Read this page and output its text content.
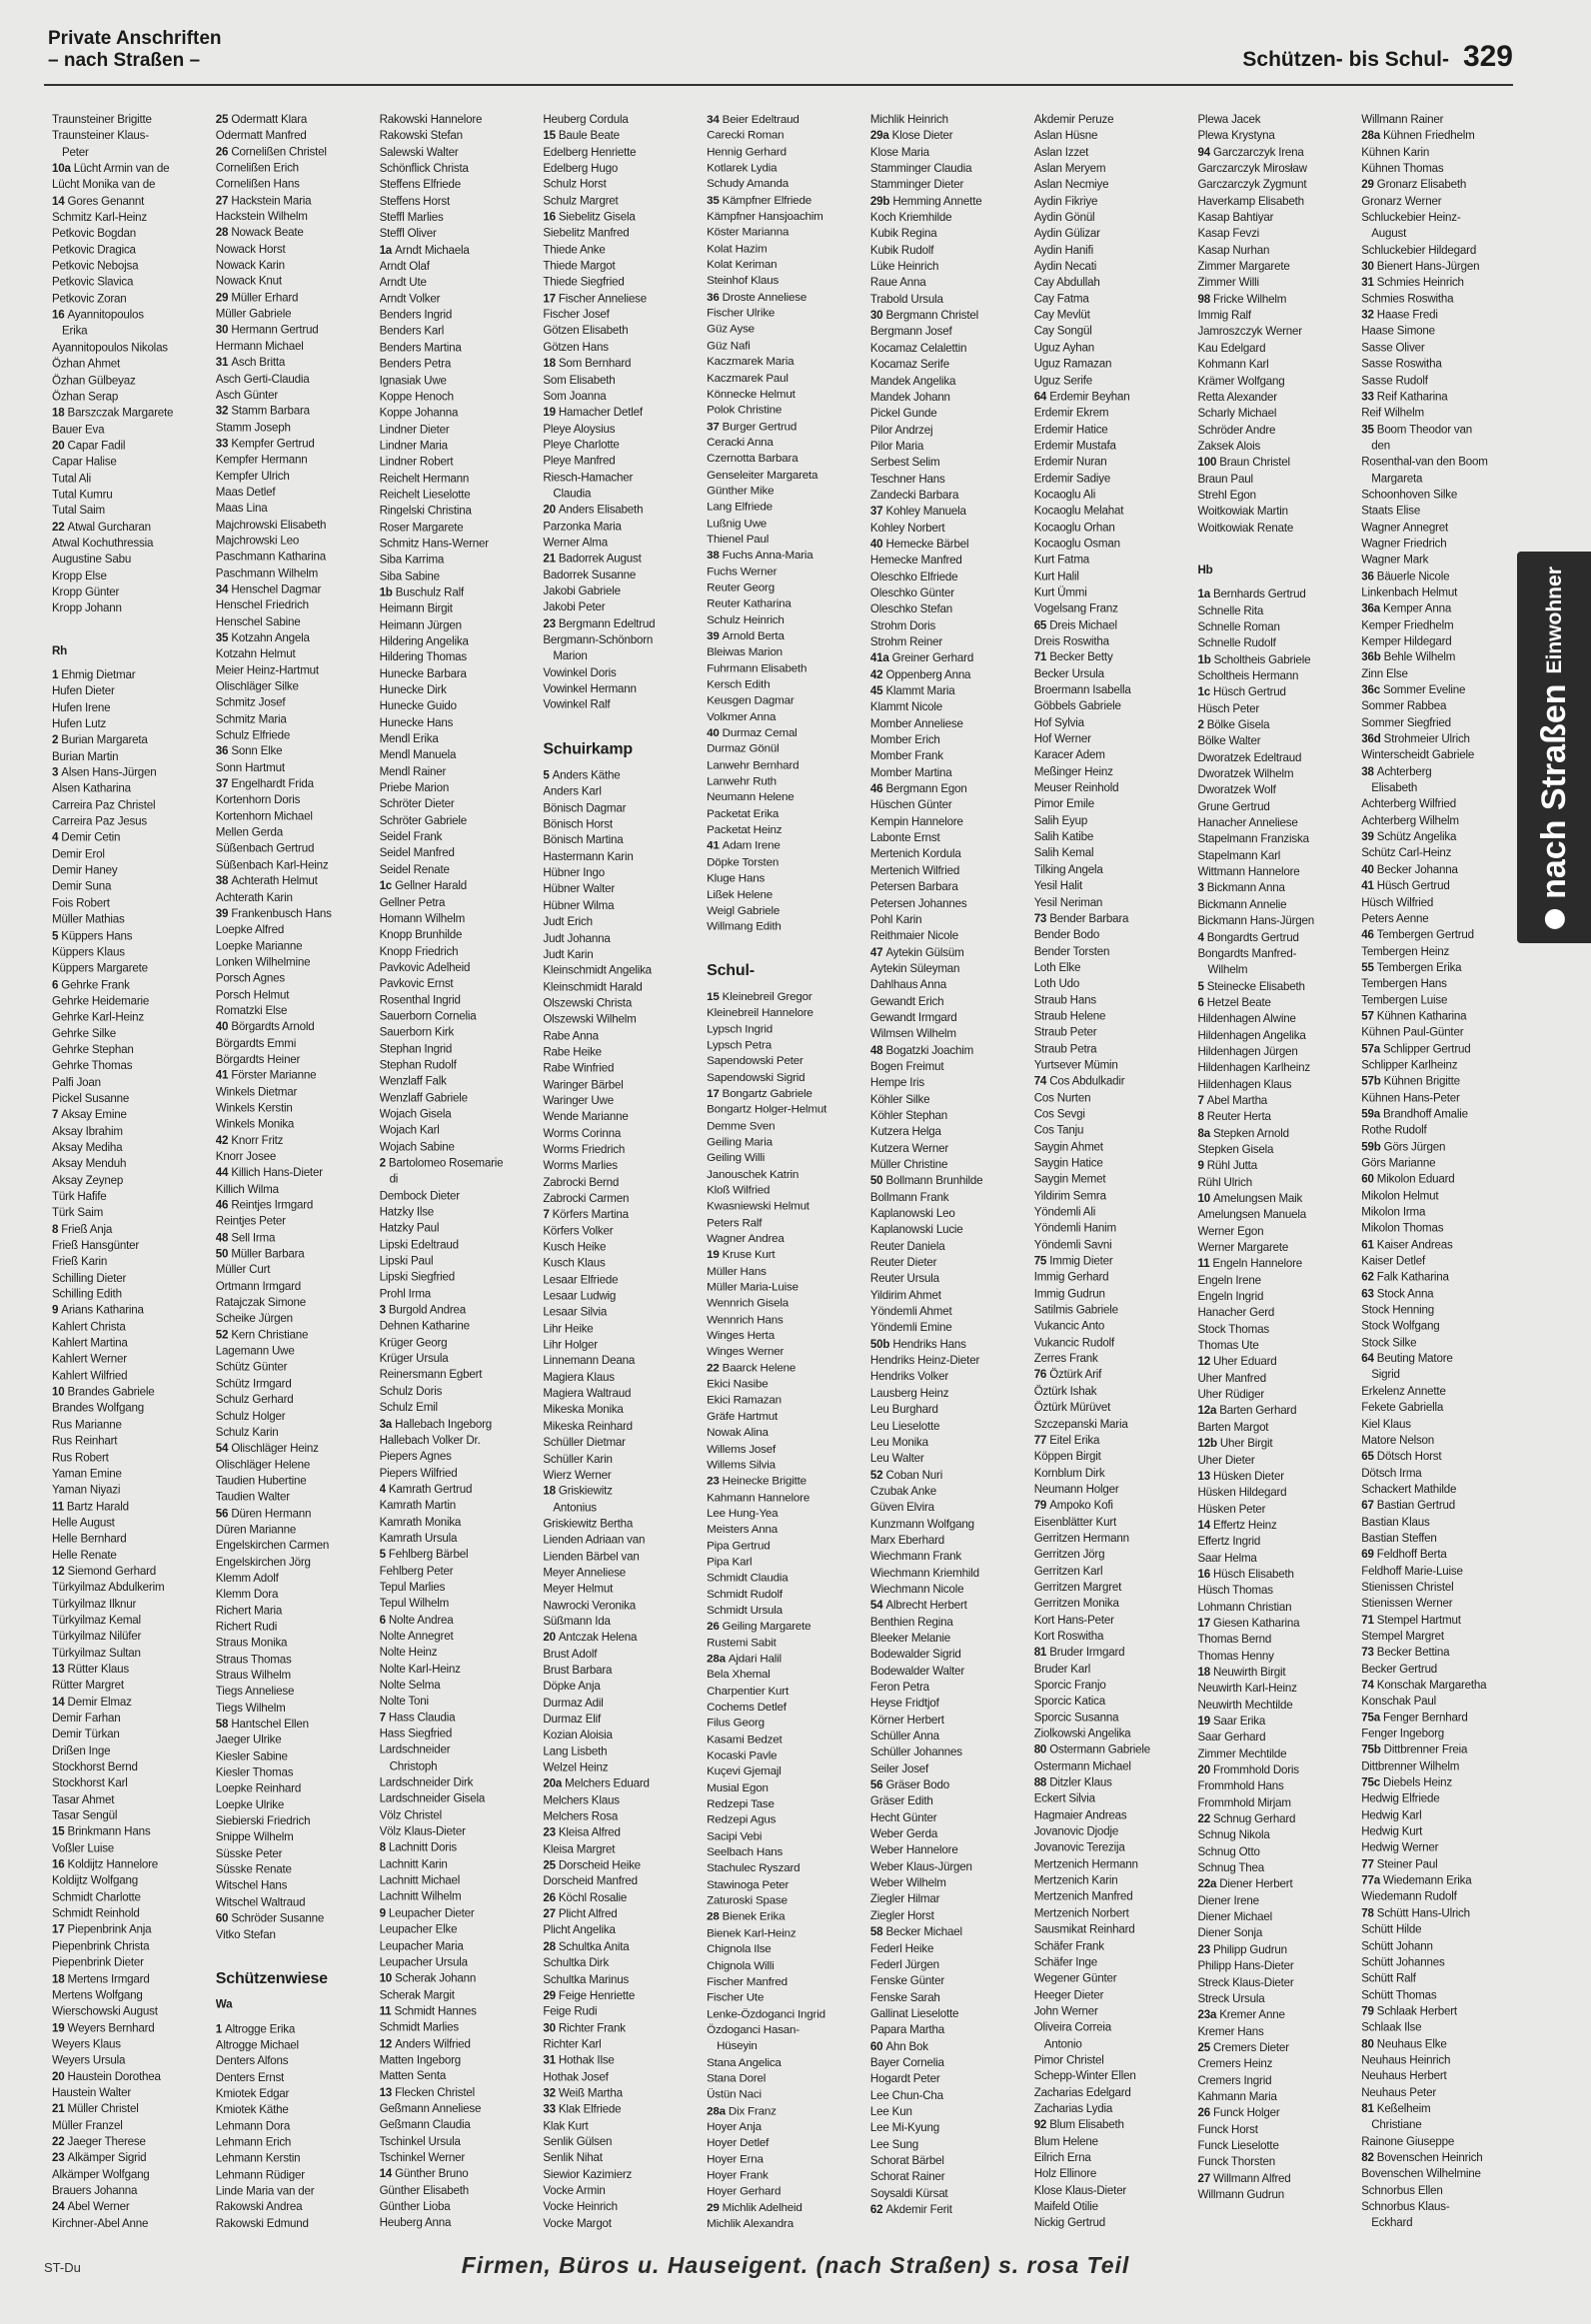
Private Anschriften
– nach Straßen –	Schützen- bis Schul- 329
Traunsteiner Brigitte
Traunsteiner Klaus-
Peter
10a Lücht Armin van de
Lücht Monika van de
14 Gores Genannt
Schmitz Karl-Heinz
Petkovic Bogdan
Petkovic Dragica
Petkovic Nebojsa
Petkovic Slavica
Petkovic Zoran
16 Ayannitopoulos
Erika
Ayannitopoulos Nikolas
Özhan Ahmet
Özhan Gülbeyaz
Özhan Serap
18 Barszczak Margarete
Bauer Eva
20 Capar Fadil
Capar Halise
Tutal Ali
Tutal Kumru
Tutal Saim
22 Atwal Gurcharan
Atwal Kochuthressia
Augustine Sabu
Kropp Else
Kropp Günter
Kropp Johann
Rh
1 Ehmig Dietmar
Hufen Dieter
Hufen Irene
Hufen Lutz
2 Burian Margareta
Burian Martin
3 Alsen Hans-Jürgen
Alsen Katharina
Carreira Paz Christel
Carreira Paz Jesus
4 Demir Cetin
Demir Erol
Demir Haney
Demir Suna
Fois Robert
Müller Mathias
5 Küppers Hans
Küppers Klaus
Küppers Margarete
6 Gehrke Frank
Gehrke Heidemarie
Gehrke Karl-Heinz
Gehrke Silke
Gehrke Stephan
Gehrke Thomas
Palfi Joan
Pickel Susanne
7 Aksay Emine
Aksay Ibrahim
Aksay Mediha
Aksay Menduh
Aksay Zeynep
Türk Hafife
Türk Saim
8 Frieß Anja
Frieß Hansgünter
Frieß Karin
Schilling Dieter
Schilling Edith
9 Arians Katharina
Kahlert Christa
Kahlert Martina
Kahlert Werner
Kahlert Wilfried
10 Brandes Gabriele
Brandes Wolfgang
Rus Marianne
Rus Reinhart
Rus Robert
Yaman Emine
Yaman Niyazi
11 Bartz Harald
Helle August
Helle Bernhard
Helle Renate
12 Siemond Gerhard
Türkyilmaz Abdulkerim
Türkyilmaz Ilknur
Türkyilmaz Kemal
Türkyilmaz Nilüfer
Türkyilmaz Sultan
13 Rütter Klaus
Rütter Margret
14 Demir Elmaz
Demir Farhan
Demir Türkan
Drißen Inge
Stockhorst Bernd
Stockhorst Karl
Tasar Ahmet
Tasar Sengül
15 Brinkmann Hans
Voßler Luise
16 Koldijtz Hannelore
Koldijtz Wolfgang
Schmidt Charlotte
Schmidt Reinhold
17 Piepenbrink Anja
Piepenbrink Christa
Piepenbrink Dieter
18 Mertens Irmgard
Mertens Wolfgang
Wierschowski August
19 Weyers Bernhard
Weyers Klaus
Weyers Ursula
20 Haustein Dorothea
Haustein Walter
21 Müller Christel
Müller Franzel
22 Jaeger Therese
23 Alkämper Sigrid
Alkämper Wolfgang
Brauers Johanna
24 Abel Werner
Kirchner-Abel Anne
25 Odermatt Klara
Odermatt Manfred
26 Cornelißen Christel
Cornelißen Erich
Cornelißen Hans
27 Hackstein Maria
Hackstein Wilhelm
28 Nowack Beate
Nowack Horst
Nowack Karin
Nowack Knut
29 Müller Erhard
Müller Gabriele
30 Hermann Gertrud
Hermann Michael
31 Asch Britta
Asch Gerti-Claudia
Asch Günter
32 Stamm Barbara
Stamm Joseph
33 Kempfer Gertrud
Kempfer Hermann
Kempfer Ulrich
Maas Detlef
Maas Lina
Majchrowski Elisabeth
Majchrowski Leo
Paschmann Katharina
Paschmann Wilhelm
34 Henschel Dagmar
Henschel Friedrich
Henschel Sabine
35 Kotzahn Angela
Kotzahn Helmut
Meier Heinz-Hartmut
Olischläger Silke
Schmitz Josef
Schmitz Maria
Schulz Elfriede
36 Sonn Elke
Sonn Hartmut
37 Engelhardt Frida
Kortenhorn Doris
Kortenhorn Michael
Mellen Gerda
Süßenbach Gertrud
Süßenbach Karl-Heinz
38 Achterath Helmut
Achterath Karin
39 Frankenbusch Hans
Loepke Alfred
Loepke Marianne
Lonken Wilhelmine
Porsch Agnes
Porsch Helmut
Romatzki Else
40 Börgardts Arnold
Börgardts Emmi
Börgardts Heiner
41 Förster Marianne
Winkels Dietmar
Winkels Kerstin
Winkels Monika
42 Knorr Fritz
Knorr Josee
44 Killich Hans-Dieter
Killich Wilma
46 Reintjes Irmgard
Reintjes Peter
48 Sell Irma
50 Müller Barbara
Müller Curt
Ortmann Irmgard
Ratajczak Simone
Scheike Jürgen
52 Kern Christiane
Lagemann Uwe
Schütz Günter
Schütz Irmgard
Schulz Gerhard
Schulz Holger
Schulz Karin
54 Olischläger Heinz
Olischläger Helene
Taudien Hubertine
Taudien Walter
56 Düren Hermann
Düren Marianne
Engelskirchen Carmen
Engelskirchen Jörg
Klemm Adolf
Klemm Dora
Richert Maria
Richert Rudi
Straus Monika
Straus Thomas
Straus Wilhelm
Tiegs Anneliese
Tiegs Wilhelm
58 Hantschel Ellen
Jaeger Ulrike
Kiesler Sabine
Kiesler Thomas
Loepke Reinhard
Loepke Ulrike
Siebierski Friedrich
Snippe Wilhelm
Süsske Peter
Süsske Renate
Witschel Hans
Witschel Waltraud
60 Schröder Susanne
Vitko Stefan
Schützenwiese
Wa
1 Altrogge Erika
Altrogge Michael
Denters Alfons
Denters Ernst
Kmiotek Edgar
Kmiotek Käthe
Lehmann Dora
Lehmann Erich
Lehmann Kerstin
Lehmann Rüdiger
Linde Maria van der
Rakowski Andrea
Rakowski Edmund
Rakowski Hannelore
Rakowski Stefan
Salewski Walter
Schönflick Christa
Steffens Elfriede
Steffens Horst
Steffl Marlies
Steffl Oliver
1a Arndt Michaela
Arndt Olaf
Arndt Ute
Arndt Volker
Benders Ingrid
Benders Karl
Benders Martina
Benders Petra
Ignasiak Uwe
Koppe Henoch
Koppe Johanna
Lindner Dieter
Lindner Maria
Lindner Robert
Reichelt Hermann
Reichelt Lieselotte
Ringelski Christina
Roser Margarete
Schmitz Hans-Werner
Siba Karrima
Siba Sabine
1b Buschulz Ralf
Heimann Birgit
Heimann Jürgen
Hildering Angelika
Hildering Thomas
Hunecke Barbara
Hunecke Dirk
Hunecke Guido
Hunecke Hans
Mendl Erika
Mendl Manuela
Mendl Rainer
Priebe Marion
Schröter Dieter
Schröter Gabriele
Seidel Frank
Seidel Manfred
Seidel Renate
1c Gellner Harald
Gellner Petra
Homann Wilhelm
Knopp Brunhilde
Knopp Friedrich
Pavkovic Adelheid
Pavkovic Ernst
Rosenthal Ingrid
Sauerborn Cornelia
Sauerborn Kirk
Stephan Ingrid
Stephan Rudolf
Wenzlaff Falk
Wenzlaff Gabriele
Wojach Gisela
Wojach Karl
Wojach Sabine
2 Bartolomeo Rosemarie
di
Dembock Dieter
Hatzky Ilse
Hatzky Paul
Lipski Edeltraud
Lipski Paul
Lipski Siegfried
Prohl Irma
3 Burgold Andrea
Dehnen Katharine
Krüger Georg
Krüger Ursula
Reinersmann Egbert
Schulz Doris
Schulz Emil
3a Hallebach Ingeborg
Hallebach Volker Dr.
Piepers Agnes
Piepers Wilfried
4 Kamrath Gertrud
Kamrath Martin
Kamrath Monika
Kamrath Ursula
5 Fehlberg Bärbel
Fehlberg Peter
Tepul Marlies
Tepul Wilhelm
6 Nolte Andrea
Nolte Annegret
Nolte Heinz
Nolte Karl-Heinz
Nolte Selma
Nolte Toni
7 Hass Claudia
Hass Siegfried
Lardschneider
Christoph
Lardschneider Dirk
Lardschneider Gisela
Völz Christel
Völz Klaus-Dieter
8 Lachnitt Doris
Lachnitt Karin
Lachnitt Michael
Lachnitt Wilhelm
9 Leupacher Dieter
Leupacher Elke
Leupacher Maria
Leupacher Ursula
10 Scherak Johann
Scherak Margit
11 Schmidt Hannes
Schmidt Marlies
12 Anders Wilfried
Matten Ingeborg
Matten Senta
13 Flecken Christel
Geßmann Anneliese
Geßmann Claudia
Tschinkel Ursula
Tschinkel Werner
14 Günther Bruno
Günther Elisabeth
Günther Lioba
Heuberg Anna
Heuberg Cordula
15 Baule Beate
Edelberg Henriette
Edelberg Hugo
Schulz Horst
Schulz Margret
16 Siebelitz Gisela
Siebelitz Manfred
Thiede Anke
Thiede Margot
Thiede Siegfried
17 Fischer Anneliese
Fischer Josef
Götzen Elisabeth
Götzen Hans
18 Som Bernhard
Som Elisabeth
Som Joanna
19 Hamacher Detlef
Pleye Aloysius
Pleye Charlotte
Pleye Manfred
Riesch-Hamacher
Claudia
20 Anders Elisabeth
Parzonka Maria
Werner Alma
21 Badorrek August
Badorrek Susanne
Jakobi Gabriele
Jakobi Peter
23 Bergmann Edeltrud
Bergmann-Schönborn
Marion
Vowinkel Doris
Vowinkel Hermann
Vowinkel Ralf
Schuirkamp
5 Anders Käthe
Anders Karl
Bönisch Dagmar
Bönisch Horst
Bönisch Martina
Hastermann Karin
Hübner Ingo
Hübner Walter
Hübner Wilma
Judt Erich
Judt Johanna
Judt Karin
Kleinschmidt Angelika
Kleinschmidt Harald
Olszewski Christa
Olszewski Wilhelm
Rabe Anna
Rabe Heike
Rabe Winfried
Waringer Bärbel
Waringer Uwe
Wende Marianne
Worms Corinna
Worms Friedrich
Worms Marlies
Zabrocki Bernd
Zabrocki Carmen
7 Körfers Martina
Körfers Volker
Kusch Heike
Kusch Klaus
Lesaar Elfriede
Lesaar Ludwig
Lesaar Silvia
Lihr Heike
Lihr Holger
Linnemann Deana
Magiera Klaus
Magiera Waltraud
Mikeska Monika
Mikeska Reinhard
Schüller Dietmar
Schüller Karin
Wierz Werner
18 Griskiewitz
Antonius
Griskiewitz Bertha
Lienden Adriaan van
Lienden Bärbel van
Meyer Anneliese
Meyer Helmut
Nawrocki Veronika
Süßmann Ida
20 Antczak Helena
Brust Adolf
Brust Barbara
Döpke Anja
Durmaz Adil
Durmaz Elif
Kozian Aloisia
Lang Lisbeth
Welzel Heinz
20a Melchers Eduard
Melchers Klaus
Melchers Rosa
23 Kleisa Alfred
Kleisa Margret
25 Dorscheid Heike
Dorscheid Manfred
26 Köchl Rosalie
27 Plicht Alfred
Plicht Angelika
28 Schultka Anita
Schultka Dirk
Schultka Marinus
29 Feige Henriette
Feige Rudi
30 Richter Frank
Richter Karl
31 Hothak Ilse
Hothak Josef
32 Weiß Martha
33 Klak Elfriede
Klak Kurt
Senlik Gülsen
Senlik Nihat
Siewior Kazimierz
Vocke Armin
Vocke Heinrich
Vocke Margot
34 Beier Edeltraud
Carecki Roman
Hennig Gerhard
Kotlarek Lydia
Schudy Amanda
35 Kämpfner Elfriede
Kämpfner Hansjoachim
Köster Marianna
Kolat Hazim
Kolat Keriman
Steinhof Klaus
36 Droste Anneliese
Fischer Ulrike
Güz Ayse
Güz Nafi
Kaczmarek Maria
Kaczmarek Paul
Könnecke Helmut
Polok Christine
37 Burger Gertrud
Ceracki Anna
Czernotta Barbara
Genseleiter Margareta
Günther Mike
Lang Elfriede
Lußnig Uwe
Thienel Paul
38 Fuchs Anna-Maria
Fuchs Werner
Reuter Georg
Reuter Katharina
Schulz Heinrich
39 Arnold Berta
Bleiwas Marion
Fuhrmann Elisabeth
Kersch Edith
Keusgen Dagmar
Volkmer Anna
40 Durmaz Cemal
Durmaz Gönül
Lanwehr Bernhard
Lanwehr Ruth
Neumann Helene
Packetat Erika
Packetat Heinz
41 Adam Irene
Döpke Torsten
Kluge Hans
Lißek Helene
Weigl Gabriele
Willmang Edith
Schul-
15 Kleinebreil Gregor
Kleinebreil Hannelore
Lypsch Ingrid
Lypsch Petra
Sapendowski Peter
Sapendowski Sigrid
17 Bongartz Gabriele
Bongartz Holger-Helmut
Demme Sven
Geiling Maria
Geiling Willi
Janouschek Katrin
Kloß Wilfried
Kwasniewski Helmut
Peters Ralf
Wagner Andrea
19 Kruse Kurt
Müller Hans
Müller Maria-Luise
Wennrich Gisela
Wennrich Hans
Winges Herta
Winges Werner
22 Baarck Helene
Ekici Nasibe
Ekici Ramazan
Gräfe Hartmut
Nowak Alina
Willems Josef
Willems Silvia
23 Heinecke Brigitte
Kahmann Hannelore
Lee Hung-Yea
Meisters Anna
Pipa Gertrud
Pipa Karl
Schmidt Claudia
Schmidt Rudolf
Schmidt Ursula
26 Geiling Margarete
Rustemi Sabit
28a Ajdari Halil
Bela Xhemal
Charpentier Kurt
Cochems Detlef
Filus Georg
Kasami Bedzet
Kocaski Pavle
Kuçevi Gjemajl
Musial Egon
Redzepi Tase
Redzepi Agus
Sacipi Vebi
Seelbach Hans
Stachulec Ryszard
Stawinoga Peter
Zaturoski Spase
28 Bienek Erika
Bienek Karl-Heinz
Chignola Ilse
Chignola Willi
Fischer Manfred
Fischer Ute
Lenke-Özdoganci Ingrid
Özdoganci Hasan-
Hüseyin
Stana Angelica
Stana Dorel
Üstün Naci
28a Dix Franz
Hoyer Anja
Hoyer Detlef
Hoyer Erna
Hoyer Frank
Hoyer Gerhard
29 Michlik Adelheid
Michlik Alexandra
Michlik Heinrich
29a Klose Dieter
Klose Maria
Stamminger Claudia
Stamminger Dieter
29b Hemming Annette
Koch Kriemhilde
Kubik Regina
Kubik Rudolf
Lüke Heinrich
Raue Anna
Trabold Ursula
30 Bergmann Christel
Bergmann Josef
Kocamaz Celalettin
Kocamaz Serife
Mandek Angelika
Mandek Johann
Pickel Gunde
Pilor Andrzej
Pilor Maria
Serbest Selim
Teschner Hans
Zandecki Barbara
37 Kohley Manuela
Kohley Norbert
40 Hemecke Bärbel
Hemecke Manfred
Oleschko Elfriede
Oleschko Günter
Oleschko Stefan
Strohm Doris
Strohm Reiner
41a Greiner Gerhard
42 Oppenberg Anna
45 Klammt Maria
Klammt Nicole
Momber Anneliese
Momber Erich
Momber Frank
Momber Martina
46 Bergmann Egon
Hüschen Günter
Kempin Hannelore
Labonte Ernst
Mertenich Kordula
Mertenich Wilfried
Petersen Barbara
Petersen Johannes
Pohl Karin
Reithmaier Nicole
47 Aytekin Gülsüm
Aytekin Süleyman
Dahlhaus Anna
Gewandt Erich
Gewandt Irmgard
Wilmsen Wilhelm
48 Bogatzki Joachim
Bogen Freimut
Hempe Iris
Köhler Silke
Köhler Stephan
Kutzera Helga
Kutzera Werner
Müller Christine
50 Bollmann Brunhilde
Bollmann Frank
Kaplanowski Leo
Kaplanowski Lucie
Reuter Daniela
Reuter Dieter
Reuter Ursula
Yildirim Ahmet
Yöndemli Ahmet
Yöndemli Emine
50b Hendriks Hans
Hendriks Heinz-Dieter
Hendriks Volker
Lausberg Heinz
Leu Burghard
Leu Lieselotte
Leu Monika
Leu Walter
52 Coban Nuri
Czubak Anke
Güven Elvira
Kunzmann Wolfgang
Marx Eberhard
Wiechmann Frank
Wiechmann Kriemhild
Wiechmann Nicole
54 Albrecht Herbert
Benthien Regina
Bleeker Melanie
Bodewalder Sigrid
Bodewalder Walter
Feron Petra
Heyse Fridtjof
Körner Herbert
Schüller Anna
Schüller Johannes
Seiler Josef
56 Gräser Bodo
Gräser Edith
Hecht Günter
Weber Gerda
Weber Hannelore
Weber Klaus-Jürgen
Weber Wilhelm
Ziegler Hilmar
Ziegler Horst
58 Becker Michael
Federl Heike
Federl Jürgen
Fenske Günter
Fenske Sarah
Gallinat Lieselotte
Papara Martha
60 Ahn Bok
Bayer Cornelia
Hogardt Peter
Lee Chun-Cha
Lee Kun
Lee Mi-Kyung
Lee Sung
Schorat Bärbel
Schorat Rainer
Soysaldi Kürsat
62 Akdemir Ferit
Akdemir Peruze
Aslan Hüsne
Aslan Izzet
Aslan Meryem
Aslan Necmiye
Aydin Fikriye
Aydin Gönül
Aydin Gülizar
Aydin Hanifi
Aydin Necati
Cay Abdullah
Cay Fatma
Cay Mevlüt
Cay Songül
Uguz Ayhan
Uguz Ramazan
Uguz Serife
64 Erdemir Beyhan
Erdemir Ekrem
Erdemir Hatice
Erdemir Mustafa
Erdemir Nuran
Erdemir Sadiye
Kocaoglu Ali
Kocaoglu Melahat
Kocaoglu Orhan
Kocaoglu Osman
Kurt Fatma
Kurt Halil
Kurt Ümmi
Vogelsang Franz
65 Dreis Michael
Dreis Roswitha
71 Becker Betty
Becker Ursula
Broermann Isabella
Göbbels Gabriele
Hof Sylvia
Hof Werner
Karacer Adem
Meßinger Heinz
Meuser Reinhold
Pimor Emile
Salih Eyup
Salih Katibe
Salih Kemal
Tilking Angela
Yesil Halit
Yesil Neriman
73 Bender Barbara
Bender Bodo
Bender Torsten
Loth Elke
Loth Udo
Straub Hans
Straub Helene
Straub Peter
Straub Petra
Yurtsever Mümin
74 Cos Abdulkadir
Cos Nurten
Cos Sevgi
Cos Tanju
Saygin Ahmet
Saygin Hatice
Saygin Memet
Yildirim Semra
Yöndemli Ali
Yöndemli Hanim
Yöndemli Savni
75 Immig Dieter
Immig Gerhard
Immig Gudrun
Satilmis Gabriele
Vukancic Anto
Vukancic Rudolf
Zerres Frank
76 Öztürk Arif
Öztürk Ishak
Öztürk Mürüvet
Szczepanski Maria
77 Eitel Erika
Köppen Birgit
Kornblum Dirk
Neumann Holger
79 Ampoko Kofi
Eisenblätter Kurt
Gerritzen Hermann
Gerritzen Jörg
Gerritzen Karl
Gerritzen Margret
Gerritzen Monika
Kort Hans-Peter
Kort Roswitha
81 Bruder Irmgard
Bruder Karl
Sporcic Franjo
Sporcic Katica
Sporcic Susanna
Ziolkowski Angelika
80 Ostermann Gabriele
Ostermann Michael
88 Ditzler Klaus
Eckert Silvia
Hagmaier Andreas
Jovanovic Djodje
Jovanovic Terezija
Mertzenich Hermann
Mertzenich Karin
Mertzenich Manfred
Mertzenich Norbert
Sausmikat Reinhard
Schäfer Frank
Schäfer Inge
Wegener Günter
Heeger Dieter
John Werner
Oliveira Correia
Antonio
Pimor Christel
Schepp-Winter Ellen
Zacharias Edelgard
Zacharias Lydia
92 Blum Elisabeth
Blum Helene
Eilrich Erna
Holz Ellinore
Klose Klaus-Dieter
Maifeld Otilie
Nickig Gertrud
Plewa Jacek
Plewa Krystyna
94 Garczarczyk Irena
Garczarczyk Mirosław
Garczarczyk Zygmunt
Haverkamp Elisabeth
Kasap Bahtiyar
Kasap Fevzi
Kasap Nurhan
Zimmer Margarete
Zimmer Willi
98 Fricke Wilhelm
Immig Ralf
Jamroszczyk Werner
Kau Edelgard
Kohmann Karl
Krämer Wolfgang
Retta Alexander
Scharly Michael
Schröder Andre
Zaksek Alois
100 Braun Christel
Braun Paul
Strehl Egon
Woitkowiak Martin
Woitkowiak Renate
Hb
1a Bernhards Gertrud
Schnelle Rita
Schnelle Roman
Schnelle Rudolf
1b Scholtheis Gabriele
Scholtheis Hermann
1c Hüsch Gertrud
Hüsch Peter
2 Bölke Gisela
Bölke Walter
Dworatzek Edeltraud
Dworatzek Wilhelm
Dworatzek Wolf
Grune Gertrud
Hanacher Anneliese
Stapelmann Franziska
Stapelmann Karl
Wittmann Hannelore
3 Bickmann Anna
Bickmann Annelie
Bickmann Hans-Jürgen
4 Bongardts Gertrud
Bongardts Manfred-
Wilhelm
5 Steinecke Elisabeth
6 Hetzel Beate
Hildenhagen Alwine
Hildenhagen Angelika
Hildenhagen Jürgen
Hildenhagen Karlheinz
Hildenhagen Klaus
7 Abel Martha
8 Reuter Herta
8a Stepken Arnold
Stepken Gisela
9 Rühl Jutta
Rühl Ulrich
10 Amelungsen Maik
Amelungsen Manuela
Werner Egon
Werner Margarete
11 Engeln Hannelore
Engeln Irene
Engeln Ingrid
Hanacher Gerd
Stock Thomas
Thomas Ute
12 Uher Eduard
Uher Manfred
Uher Rüdiger
12a Barten Gerhard
Barten Margot
12b Uher Birgit
Uher Dieter
13 Hüsken Dieter
Hüsken Hildegard
Hüsken Peter
14 Effertz Heinz
Effertz Ingrid
Saar Helma
16 Hüsch Elisabeth
Hüsch Thomas
Lohmann Christian
17 Giesen Katharina
Thomas Bernd
Thomas Henny
18 Neuwirth Birgit
Neuwirth Karl-Heinz
Neuwirth Mechtilde
19 Saar Erika
Saar Gerhard
Zimmer Mechtilde
20 Frommhold Doris
Frommhold Hans
Frommhold Mirjam
22 Schnug Gerhard
Schnug Nikola
Schnug Otto
Schnug Thea
22a Diener Herbert
Diener Irene
Diener Michael
Diener Sonja
23 Philipp Gudrun
Philipp Hans-Dieter
Streck Klaus-Dieter
Streck Ursula
23a Kremer Anne
Kremer Hans
25 Cremers Dieter
Cremers Heinz
Cremers Ingrid
Kahmann Maria
26 Funck Holger
Funck Horst
Funck Lieselotte
Funck Thorsten
27 Willmann Alfred
Willmann Gudrun
Willmann Rainer
28a Kühnen Friedhelm
Kühnen Karin
Kühnen Thomas
29 Gronarz Elisabeth
Gronarz Werner
Schluckebier Heinz-
August
Schluckebier Hildegard
30 Bienert Hans-Jürgen
31 Schmies Heinrich
Schmies Roswitha
32 Haase Fredi
Haase Simone
Sasse Oliver
Sasse Roswitha
Sasse Rudolf
33 Reif Katharina
Reif Wilhelm
35 Boom Theodor van
den
Rosenthal-van den Boom
Margareta
Schoonhoven Silke
Staats Elise
Wagner Annegret
Wagner Friedrich
Wagner Mark
36 Bäuerle Nicole
Linkenbach Helmut
36a Kemper Anna
Kemper Friedhelm
Kemper Hildegard
36b Behle Wilhelm
Zinn Else
36c Sommer Eveline
Sommer Rabbea
Sommer Siegfried
36d Strohmeier Ulrich
Winterscheidt Gabriele
38 Achterberg
Elisabeth
Achterberg Wilfried
Achterberg Wilhelm
39 Schütz Angelika
Schütz Carl-Heinz
40 Becker Johanna
41 Hüsch Gertrud
Hüsch Wilfried
Peters Aenne
46 Tembergen Gertrud
Tembergen Heinz
55 Tembergen Erika
Tembergen Hans
Tembergen Luise
57 Kühnen Katharina
Kühnen Paul-Günter
57a Schlipper Gertrud
Schlipper Karlheinz
57b Kühnen Brigitte
Kühnen Hans-Peter
59a Brandhoff Amalie
Rothe Rudolf
59b Görs Jürgen
Görs Marianne
60 Mikolon Eduard
Mikolon Helmut
Mikolon Irma
Mikolon Thomas
61 Kaiser Andreas
Kaiser Detlef
62 Falk Katharina
63 Stock Anna
Stock Henning
Stock Wolfgang
Stock Silke
64 Beuting Matore
Sigrid
Erkelenz Annette
Fekete Gabriella
Kiel Klaus
Matore Nelson
65 Dötsch Horst
Dötsch Irma
Schackert Mathilde
67 Bastian Gertrud
Bastian Klaus
Bastian Steffen
69 Feldhoff Berta
Feldhoff Marie-Luise
Stienissen Christel
Stienissen Werner
71 Stempel Hartmut
Stempel Margret
73 Becker Bettina
Becker Gertrud
74 Konschak Margaretha
Konschak Paul
75a Fenger Bernhard
Fenger Ingeborg
75b Dittbrenner Freia
Dittbrenner Wilhelm
75c Diebels Heinz
Hedwig Elfriede
Hedwig Karl
Hedwig Kurt
Hedwig Werner
77 Steiner Paul
77a Wiedemann Erika
Wiedemann Rudolf
78 Schütt Hans-Ulrich
Schütt Hilde
Schütt Johann
Schütt Johannes
Schütt Ralf
Schütt Thomas
79 Schlaak Herbert
Schlaak Ilse
80 Neuhaus Elke
Neuhaus Heinrich
Neuhaus Herbert
Neuhaus Peter
81 Keßelheim
Christiane
Rainone Giuseppe
82 Bovenschen Heinrich
Bovenschen Wilhelmine
Schnorbus Ellen
Schnorbus Klaus-
Eckhard
nach Straßen
Einwohner
ST-Du	Firmen, Büros u. Hauseigent. (nach Straßen) s. rosa Teil
